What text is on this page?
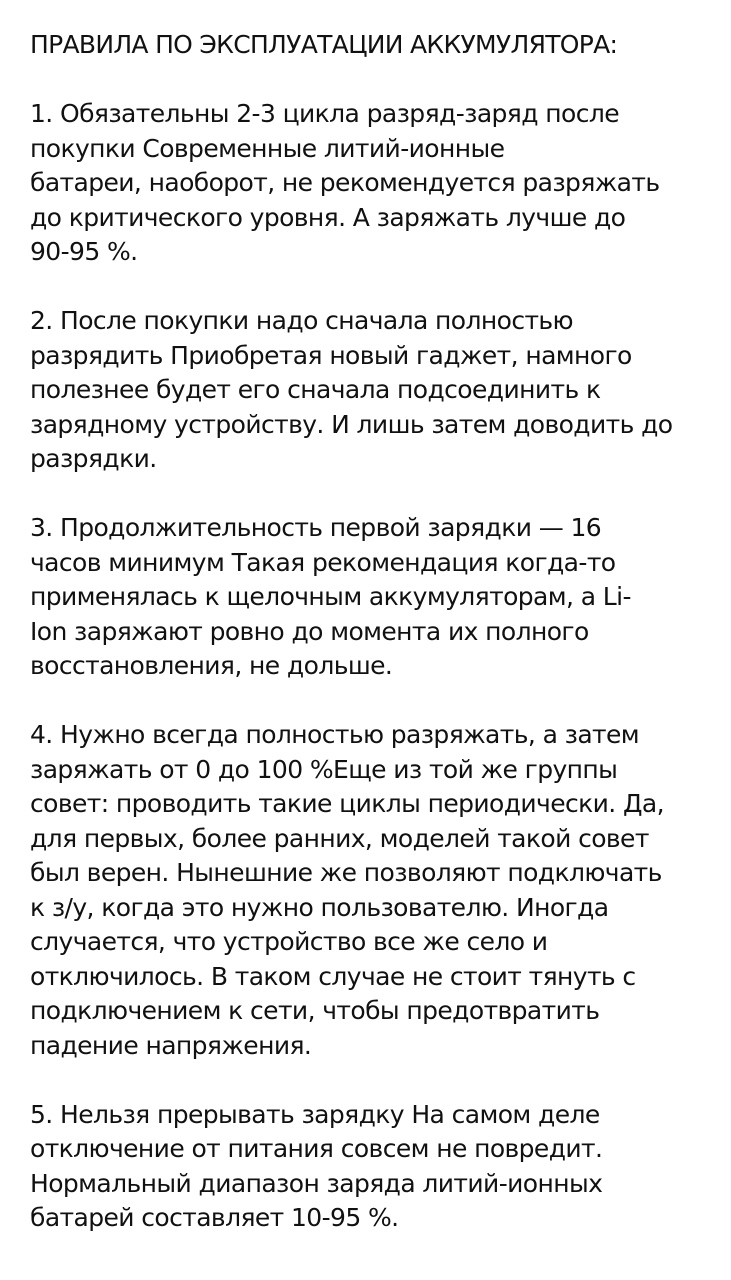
ПРАВИЛА ПО ЭКСПЛУАТАЦИИ АККУМУЛЯТОРА:

1. Обязательны 2-3 цикла разряд-заряд после
покупки Современные литий-ионные
батареи, наоборот, не рекомендуется разряжать
до критического уровня. А заряжать лучше до
90-95 %.

2. После покупки надо сначала полностью
разрядить Приобретая новый гаджет, намного
полезнее будет его сначала подсоединить к
зарядному устройству. И лишь затем доводить до
разрядки.

3. Продолжительность первой зарядки — 16
часов минимум Такая рекомендация когда-то
применялась к щелочным аккумуляторам, а Li-
Ion заряжают ровно до момента их полного
восстановления, не дольше.

4. Нужно всегда полностью разряжать, а затем
заряжать от 0 до 100 %Еще из той же группы
совет: проводить такие циклы периодически. Да,
для первых, более ранних, моделей такой совет
был верен. Нынешние же позволяют подключать
к з/у, когда это нужно пользователю. Иногда
случается, что устройство все же село и
отключилось. В таком случае не стоит тянуть с
подключением к сети, чтобы предотвратить
падение напряжения.

5. Нельзя прерывать зарядку На самом деле
отключение от питания совсем не повредит.
Нормальный диапазон заряда литий-ионных
батарей составляет 10-95 %.
